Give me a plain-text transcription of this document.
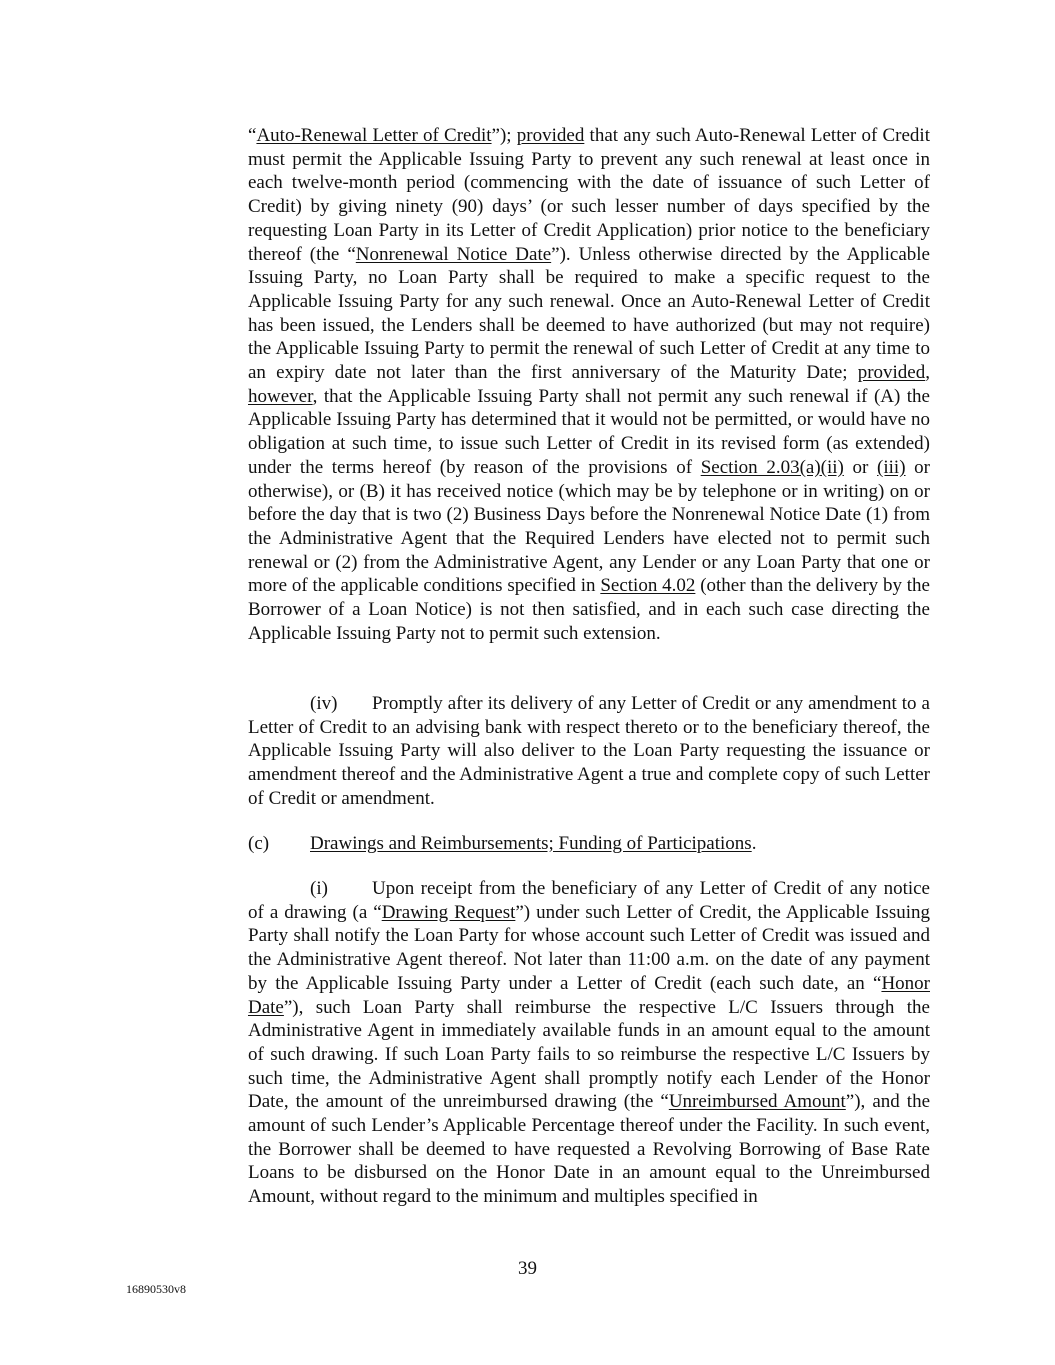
“Auto-Renewal Letter of Credit”); provided that any such Auto-Renewal Letter of Credit must permit the Applicable Issuing Party to prevent any such renewal at least once in each twelve-month period (commencing with the date of issuance of such Letter of Credit) by giving ninety (90) days’ (or such lesser number of days specified by the requesting Loan Party in its Letter of Credit Application) prior notice to the beneficiary thereof (the “Nonrenewal Notice Date”). Unless otherwise directed by the Applicable Issuing Party, no Loan Party shall be required to make a specific request to the Applicable Issuing Party for any such renewal. Once an Auto-Renewal Letter of Credit has been issued, the Lenders shall be deemed to have authorized (but may not require) the Applicable Issuing Party to permit the renewal of such Letter of Credit at any time to an expiry date not later than the first anniversary of the Maturity Date; provided, however, that the Applicable Issuing Party shall not permit any such renewal if (A) the Applicable Issuing Party has determined that it would not be permitted, or would have no obligation at such time, to issue such Letter of Credit in its revised form (as extended) under the terms hereof (by reason of the provisions of Section 2.03(a)(ii) or (iii) or otherwise), or (B) it has received notice (which may be by telephone or in writing) on or before the day that is two (2) Business Days before the Nonrenewal Notice Date (1) from the Administrative Agent that the Required Lenders have elected not to permit such renewal or (2) from the Administrative Agent, any Lender or any Loan Party that one or more of the applicable conditions specified in Section 4.02 (other than the delivery by the Borrower of a Loan Notice) is not then satisfied, and in each such case directing the Applicable Issuing Party not to permit such extension.

(iv) Promptly after its delivery of any Letter of Credit or any amendment to a Letter of Credit to an advising bank with respect thereto or to the beneficiary thereof, the Applicable Issuing Party will also deliver to the Loan Party requesting the issuance or amendment thereof and the Administrative Agent a true and complete copy of such Letter of Credit or amendment.

(c) Drawings and Reimbursements; Funding of Participations.

(i) Upon receipt from the beneficiary of any Letter of Credit of any notice of a drawing (a “Drawing Request”) under such Letter of Credit, the Applicable Issuing Party shall notify the Loan Party for whose account such Letter of Credit was issued and the Administrative Agent thereof. Not later than 11:00 a.m. on the date of any payment by the Applicable Issuing Party under a Letter of Credit (each such date, an “Honor Date”), such Loan Party shall reimburse the respective L/C Issuers through the Administrative Agent in immediately available funds in an amount equal to the amount of such drawing. If such Loan Party fails to so reimburse the respective L/C Issuers by such time, the Administrative Agent shall promptly notify each Lender of the Honor Date, the amount of the unreimbursed drawing (the “Unreimbursed Amount”), and the amount of such Lender’s Applicable Percentage thereof under the Facility. In such event, the Borrower shall be deemed to have requested a Revolving Borrowing of Base Rate Loans to be disbursed on the Honor Date in an amount equal to the Unreimbursed Amount, without regard to the minimum and multiples specified in

39

16890530v8
